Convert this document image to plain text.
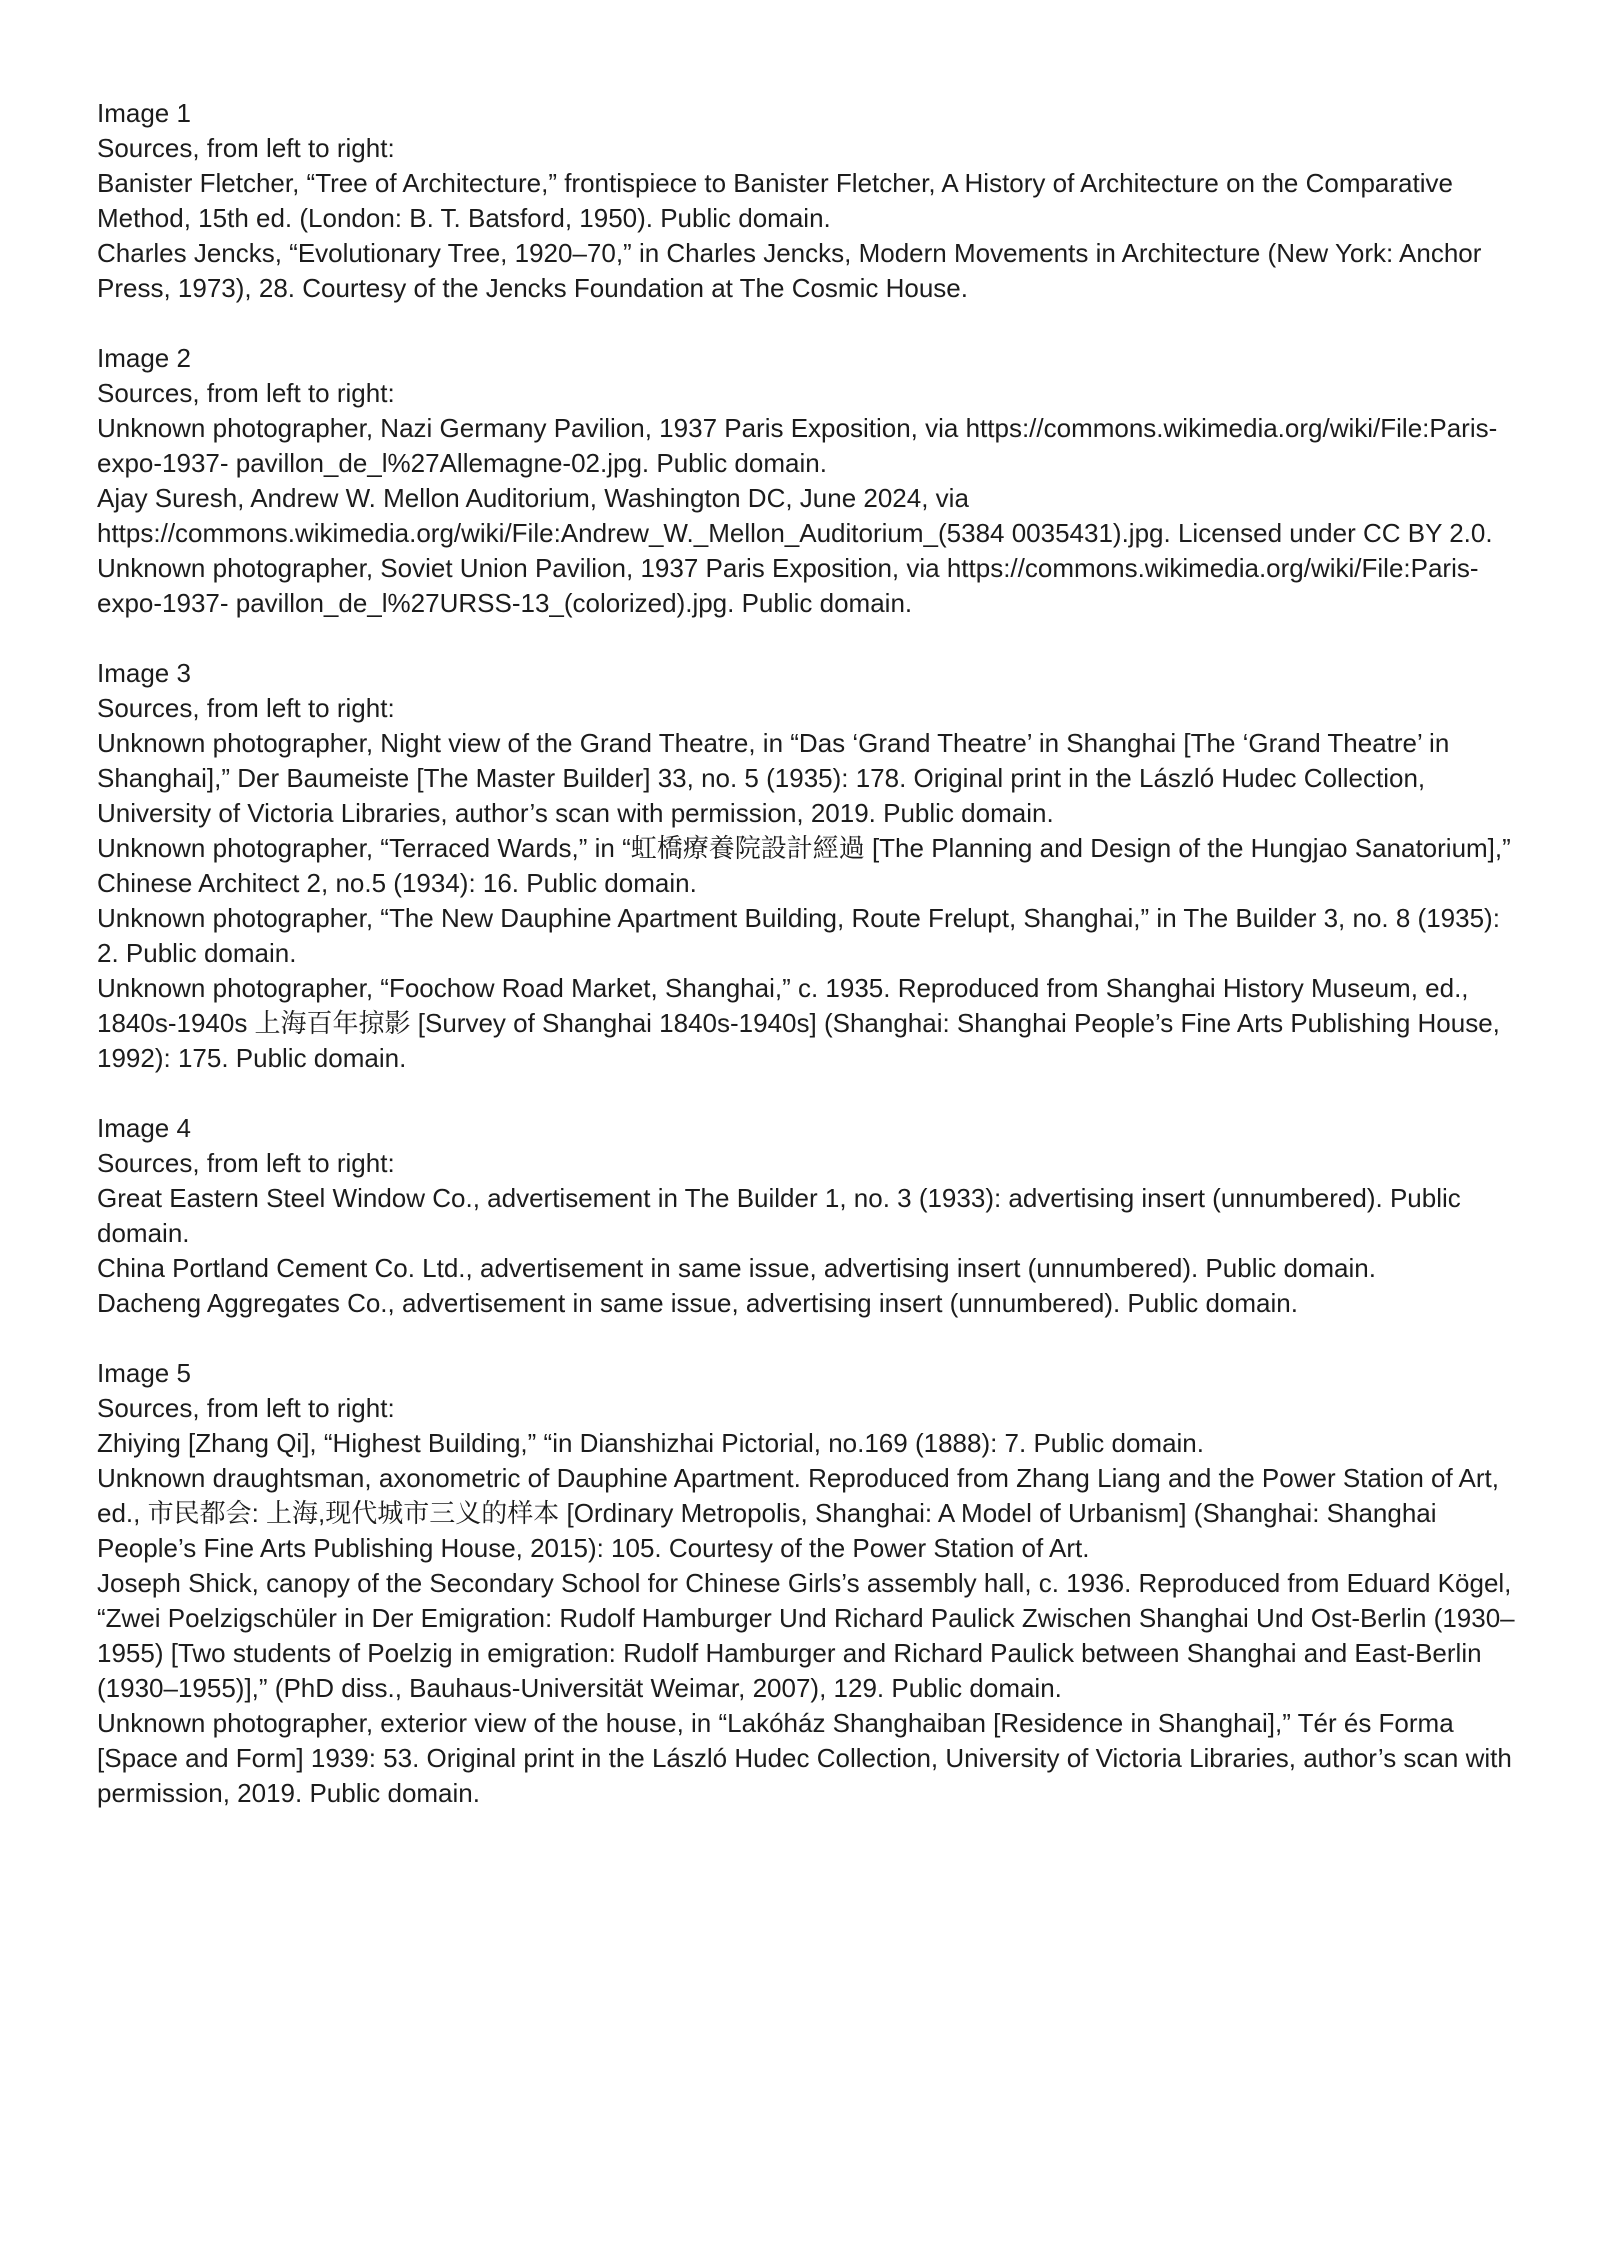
Image 1

Sources, from left to right:

Banister Fletcher, “Tree of Architecture,” frontispiece to Banister Fletcher, A History of Architecture on the Comparative Method, 15th ed. (London: B. T. Batsford, 1950). Public domain.

Charles Jencks, “Evolutionary Tree, 1920–70,” in Charles Jencks, Modern Movements in Architecture (New York: Anchor Press, 1973), 28. Courtesy of the Jencks Foundation at The Cosmic House.

Image 2

Sources, from left to right:

Unknown photographer, Nazi Germany Pavilion, 1937 Paris Exposition, via https://commons.wikimedia.org/wiki/File:Paris-expo-1937- pavillon_de_l%27Allemagne-02.jpg. Public domain.

Ajay Suresh, Andrew W. Mellon Auditorium, Washington DC, June 2024, via https://commons.wikimedia.org/wiki/File:Andrew_W._Mellon_Auditorium_(5384 0035431).jpg. Licensed under CC BY 2.0.

Unknown photographer, Soviet Union Pavilion, 1937 Paris Exposition, via https://commons.wikimedia.org/wiki/File:Paris-expo-1937- pavillon_de_l%27URSS-13_(colorized).jpg. Public domain.

Image 3

Sources, from left to right:

Unknown photographer, Night view of the Grand Theatre, in “Das ‘Grand Theatre’ in Shanghai [The ‘Grand Theatre’ in Shanghai],” Der Baumeiste [The Master Builder] 33, no. 5 (1935): 178. Original print in the László Hudec Collection, University of Victoria Libraries, author’s scan with permission, 2019. Public domain.

Unknown photographer, “Terraced Wards,” in “虹橋療養院設計經過 [The Planning and Design of the Hungjao Sanatorium],” Chinese Architect 2, no.5 (1934): 16. Public domain.

Unknown photographer, “The New Dauphine Apartment Building, Route Frelupt, Shanghai,” in The Builder 3, no. 8 (1935): 2. Public domain.

Unknown photographer, “Foochow Road Market, Shanghai,” c. 1935. Reproduced from Shanghai History Museum, ed., 1840s-1940s 上海百年掠影 [Survey of Shanghai 1840s-1940s] (Shanghai: Shanghai People’s Fine Arts Publishing House, 1992): 175. Public domain.

Image 4

Sources, from left to right:

Great Eastern Steel Window Co., advertisement in The Builder 1, no. 3 (1933): advertising insert (unnumbered). Public domain.

China Portland Cement Co. Ltd., advertisement in same issue, advertising insert (unnumbered). Public domain.

Dacheng Aggregates Co., advertisement in same issue, advertising insert (unnumbered). Public domain.

Image 5

Sources, from left to right:

Zhiying [Zhang Qi], “Highest Building,” “in Dianshizhai Pictorial, no.169 (1888): 7. Public domain.

Unknown draughtsman, axonometric of Dauphine Apartment. Reproduced from Zhang Liang and the Power Station of Art, ed., 市民都会: 上海,现代城市三义的样本 [Ordinary Metropolis, Shanghai: A Model of Urbanism] (Shanghai: Shanghai People’s Fine Arts Publishing House, 2015): 105. Courtesy of the Power Station of Art.

Joseph Shick, canopy of the Secondary School for Chinese Girls’s assembly hall, c. 1936. Reproduced from Eduard Kögel, “Zwei Poelzigschüler in Der Emigration: Rudolf Hamburger Und Richard Paulick Zwischen Shanghai Und Ost-Berlin (1930–1955) [Two students of Poelzig in emigration: Rudolf Hamburger and Richard Paulick between Shanghai and East-Berlin (1930–1955)],” (PhD diss., Bauhaus-Universität Weimar, 2007), 129. Public domain.

Unknown photographer, exterior view of the house, in “Lakóház Shanghaiban [Residence in Shanghai],” Tér és Forma [Space and Form] 1939: 53. Original print in the László Hudec Collection, University of Victoria Libraries, author’s scan with permission, 2019. Public domain.
